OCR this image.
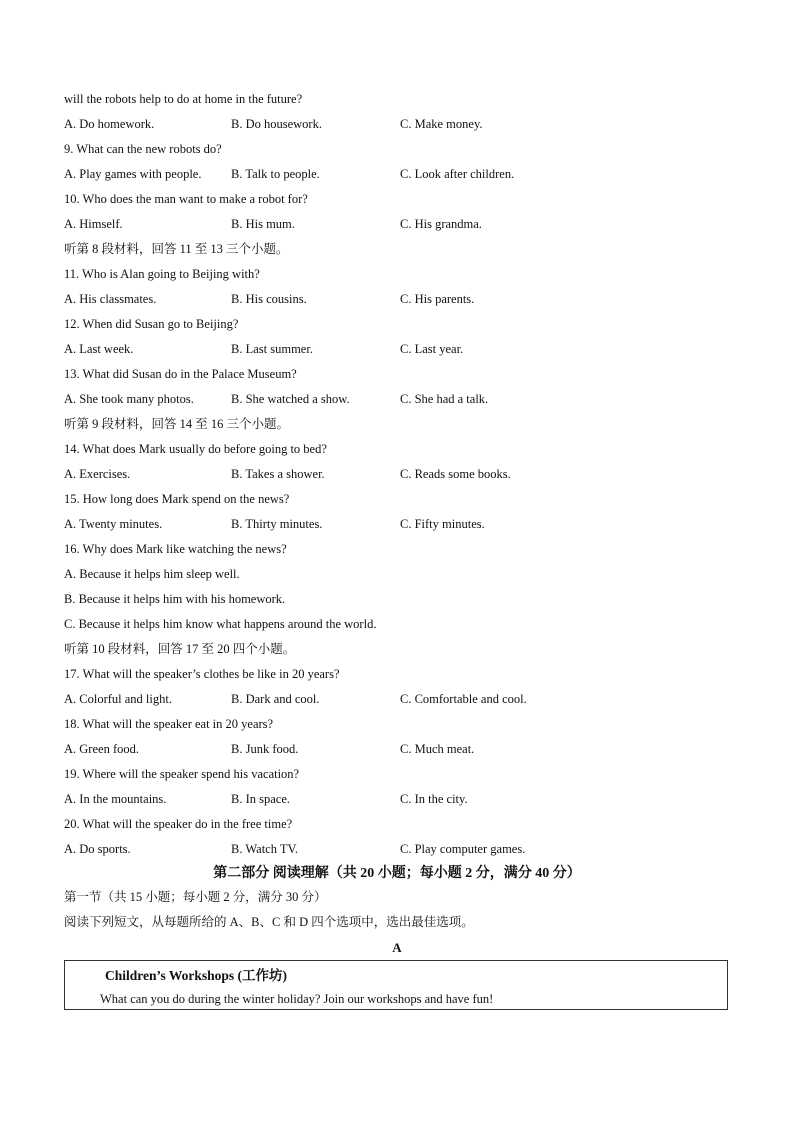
will the robots help to do at home in the future?
A. Do homework.	B. Do housework.	C. Make money.
9. What can the new robots do?
A. Play games with people. B. Talk to people.	C. Look after children.
10. Who does the man want to make a robot for?
A. Himself.	B. His mum.	C. His grandma.
听第 8 段材料，回答 11 至 13 三个小题。
11. Who is Alan going to Beijing with?
A. His classmates.	B. His cousins.	C. His parents.
12. When did Susan go to Beijing?
A. Last week.	B. Last summer.	C. Last year.
13. What did Susan do in the Palace Museum?
A. She took many photos.	B. She watched a show.	C. She had a talk.
听第 9 段材料，回答 14 至 16 三个小题。
14. What does Mark usually do before going to bed?
A. Exercises.	B. Takes a shower.	C. Reads some books.
15. How long does Mark spend on the news?
A. Twenty minutes.	B. Thirty minutes.	C. Fifty minutes.
16. Why does Mark like watching the news?
A. Because it helps him sleep well.
B. Because it helps him with his homework.
C. Because it helps him know what happens around the world.
听第 10 段材料，回答 17 至 20 四个小题。
17. What will the speaker’s clothes be like in 20 years?
A. Colorful and light.	B. Dark and cool.	C. Comfortable and cool.
18. What will the speaker eat in 20 years?
A. Green food.	B. Junk food.	C. Much meat.
19. Where will the speaker spend his vacation?
A. In the mountains.	B. In space.	C. In the city.
20. What will the speaker do in the free time?
A. Do sports.	B. Watch TV.	C. Play computer games.
第二部分 阅读理解（共 20 小题；每小题 2 分，满分 40 分）
第一节（共 15 小题；每小题 2 分，满分 30 分）
阅读下列短文，从每题所给的 A、B、C 和 D 四个选项中，选出最佳选项。
A
Children’s Workshops (工作坊)
What can you do during the winter holiday? Join our workshops and have fun!
